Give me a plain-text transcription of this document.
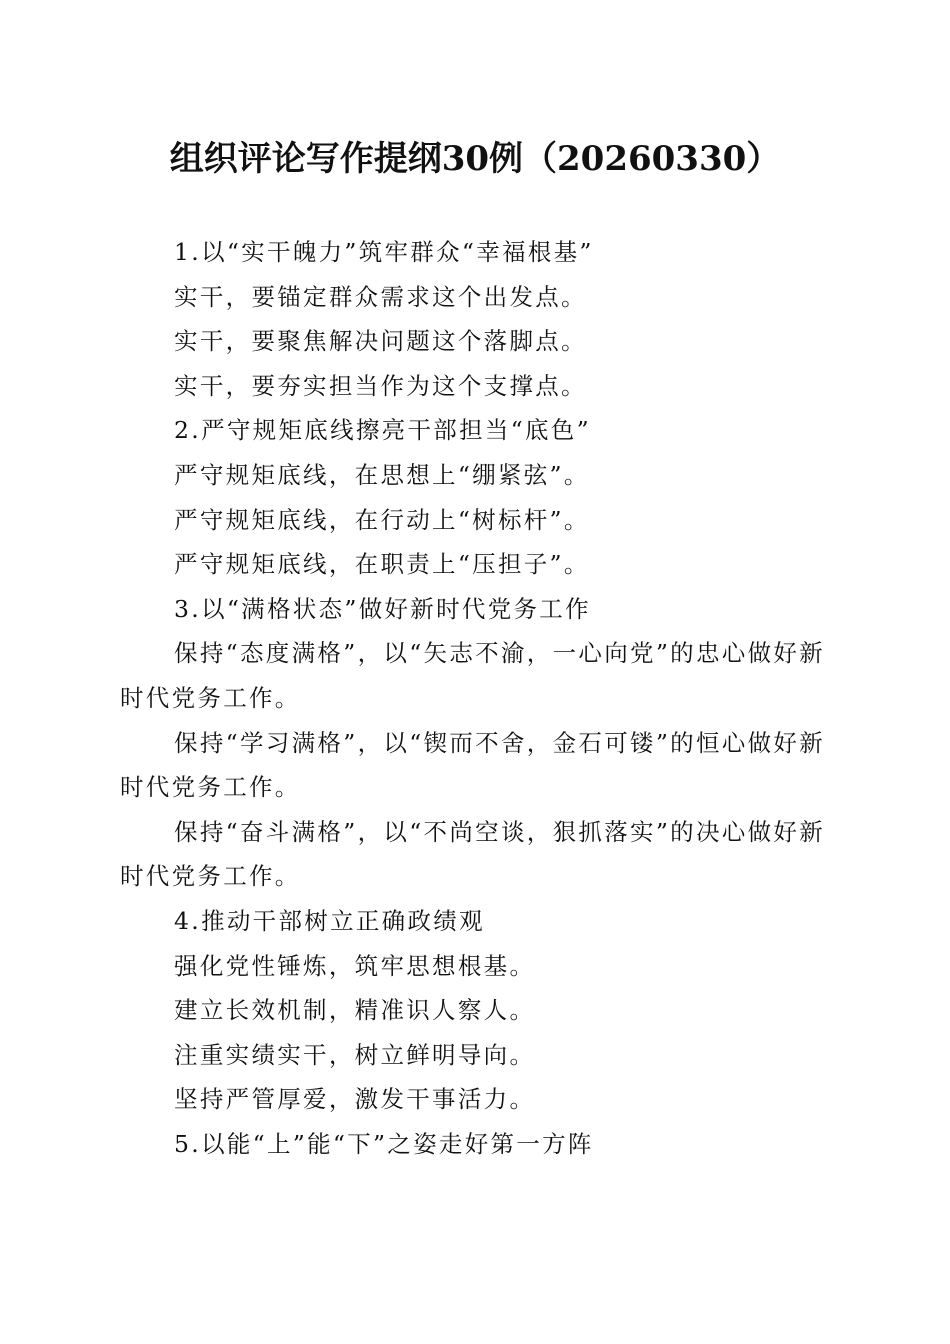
组织评论写作提纲30例（20260330）

1.以“实干魄力”筑牢群众“幸福根基”

实干，要锚定群众需求这个出发点。

实干，要聚焦解决问题这个落脚点。

实干，要夯实担当作为这个支撑点。

2.严守规矩底线擦亮干部担当“底色”

严守规矩底线，在思想上“绷紧弦”。

严守规矩底线，在行动上“树标杆”。

严守规矩底线，在职责上“压担子”。

3.以“满格状态”做好新时代党务工作

保持“态度满格”，以“矢志不渝，一心向党”的忠心做好新时代党务工作。

保持“学习满格”，以“锲而不舍，金石可镂”的恒心做好新时代党务工作。

保持“奋斗满格”，以“不尚空谈，狠抓落实”的决心做好新时代党务工作。

4.推动干部树立正确政绩观

强化党性锤炼，筑牢思想根基。

建立长效机制，精准识人察人。

注重实绩实干，树立鲜明导向。

坚持严管厚爱，激发干事活力。

5.以能“上”能“下”之姿走好第一方阵
